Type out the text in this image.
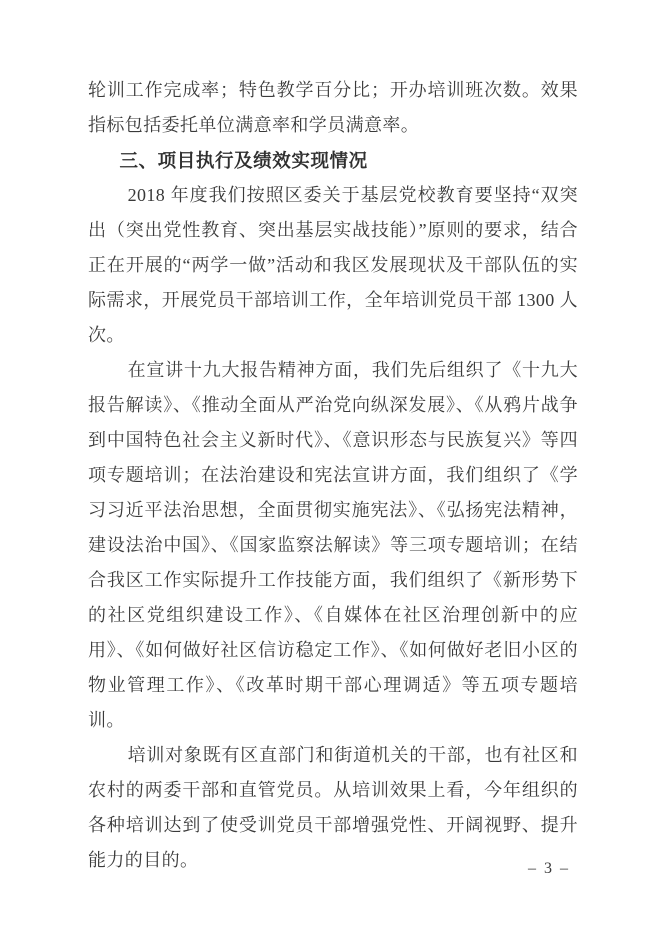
轮训工作完成率；特色教学百分比；开办培训班次数。效果指标包括委托单位满意率和学员满意率。

三、项目执行及绩效实现情况

2018 年度我们按照区委关于基层党校教育要坚持“双突出（突出党性教育、突出基层实战技能）”原则的要求，结合正在开展的“两学一做”活动和我区发展现状及干部队伍的实际需求，开展党员干部培训工作，全年培训党员干部 1300 人次。

在宣讲十九大报告精神方面，我们先后组织了《十九大报告解读》、《推动全面从严治党向纵深发展》、《从鸦片战争到中国特色社会主义新时代》、《意识形态与民族复兴》等四项专题培训；在法治建设和宪法宣讲方面，我们组织了《学习习近平法治思想，全面贯彻实施宪法》、《弘扬宪法精神，建设法治中国》、《国家监察法解读》等三项专题培训；在结合我区工作实际提升工作技能方面，我们组织了《新形势下的社区党组织建设工作》、《自媒体在社区治理创新中的应用》、《如何做好社区信访稳定工作》、《如何做好老旧小区的物业管理工作》、《改革时期干部心理调适》等五项专题培训。

培训对象既有区直部门和街道机关的干部，也有社区和农村的两委干部和直管党员。从培训效果上看，今年组织的各种培训达到了使受训党员干部增强党性、开阔视野、提升能力的目的。	– 3 –
